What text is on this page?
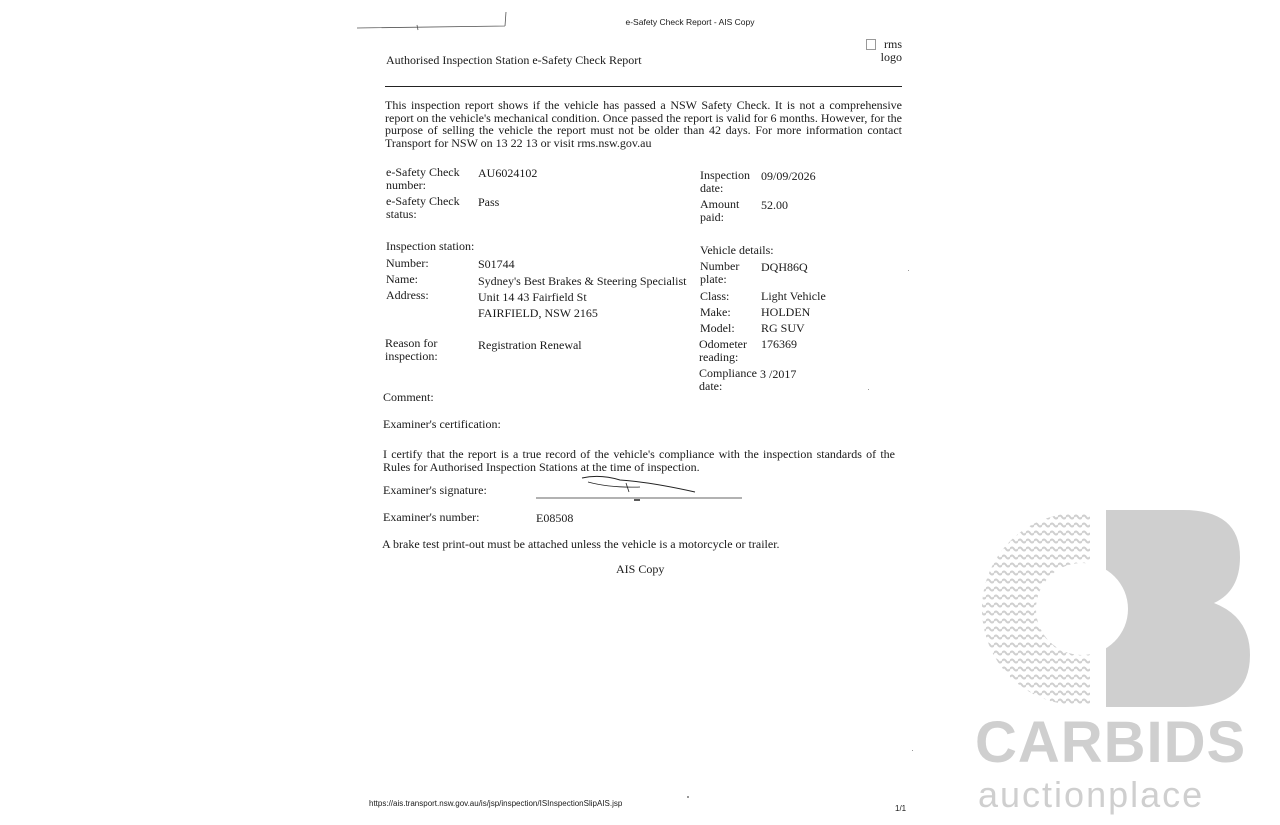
e-Safety Check Report - AIS Copy
Authorised Inspection Station e-Safety Check Report
rms logo
This inspection report shows if the vehicle has passed a NSW Safety Check. It is not a comprehensive report on the vehicle's mechanical condition. Once passed the report is valid for 6 months. However, for the purpose of selling the vehicle the report must not be older than 42 days. For more information contact Transport for NSW on 13 22 13 or visit rms.nsw.gov.au
e-Safety Check number:
AU6024102
e-Safety Check status:
Pass
Inspection date:
09/09/2026
Amount paid:
52.00
Inspection station:
Number:	S01744
Name:	Sydney's Best Brakes & Steering Specialist
Address:	Unit 14 43 Fairfield St
FAIRFIELD, NSW 2165
Reason for inspection:
Registration Renewal
Vehicle details:
Number plate:
DQH86Q
Class:	Light Vehicle
Make:	HOLDEN
Model: RG SUV
Odometer reading:
176369
Compliance date:
3 /2017
Comment:
Examiner's certification:
I certify that the report is a true record of the vehicle's compliance with the inspection standards of the Rules for Authorised Inspection Stations at the time of inspection.
Examiner's signature:
Examiner's number:	E08508
A brake test print-out must be attached unless the vehicle is a motorcycle or trailer.
AIS Copy
https://ais.transport.nsw.gov.au/is/jsp/inspection/ISInspectionSlipAIS.jsp
1/1
CARBIDS
auctionplace
